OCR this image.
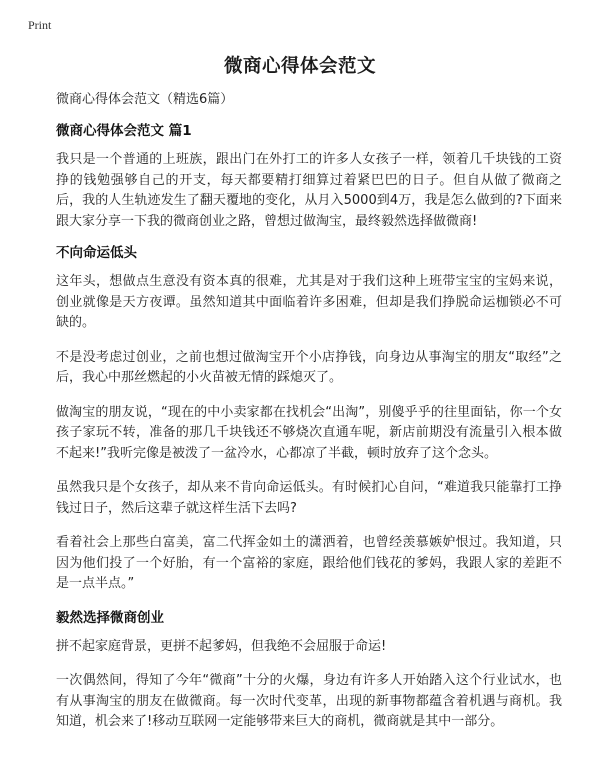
Print
微商心得体会范文
微商心得体会范文（精选6篇）
微商心得体会范文 篇1

我只是一个普通的上班族，跟出门在外打工的许多人女孩子一样，领着几千块钱的工资挣的钱勉强够自己的开支，每天都要精打细算过着紧巴巴的日子。但自从做了微商之后，我的人生轨迹发生了翻天覆地的变化，从月入5000到4万，我是怎么做到的?下面来跟大家分享一下我的微商创业之路，曾想过做淘宝，最终毅然选择做微商!

不向命运低头

这年头，想做点生意没有资本真的很难，尤其是对于我们这种上班带宝宝的宝妈来说，创业就像是天方夜谭。虽然知道其中面临着许多困难，但却是我们挣脱命运枷锁必不可缺的。

不是没考虑过创业，之前也想过做淘宝开个小店挣钱，向身边从事淘宝的朋友“取经”之后，我心中那丝燃起的小火苗被无情的踩熄灭了。

做淘宝的朋友说，“现在的中小卖家都在找机会“出淘”，别傻乎乎的往里面钻，你一个女孩子家玩不转，准备的那几千块钱还不够烧次直通车呢，新店前期没有流量引入根本做不起来!”我听完像是被泼了一盆冷水，心都凉了半截，顿时放弃了这个念头。

虽然我只是个女孩子，却从来不肯向命运低头。有时候扪心自问，“难道我只能靠打工挣钱过日子，然后这辈子就这样生活下去吗?

看着社会上那些白富美，富二代挥金如土的潇洒着，也曾经羡慕嫉妒恨过。我知道，只因为他们投了一个好胎，有一个富裕的家庭，跟给他们钱花的爹妈，我跟人家的差距不是一点半点。”

毅然选择微商创业

拼不起家庭背景，更拼不起爹妈，但我绝不会屈服于命运!

一次偶然间，得知了今年“微商”十分的火爆，身边有许多人开始踏入这个行业试水，也有从事淘宝的朋友在做微商。每一次时代变革，出现的新事物都蕴含着机遇与商机。我知道，机会来了!移动互联网一定能够带来巨大的商机，微商就是其中一部分。
